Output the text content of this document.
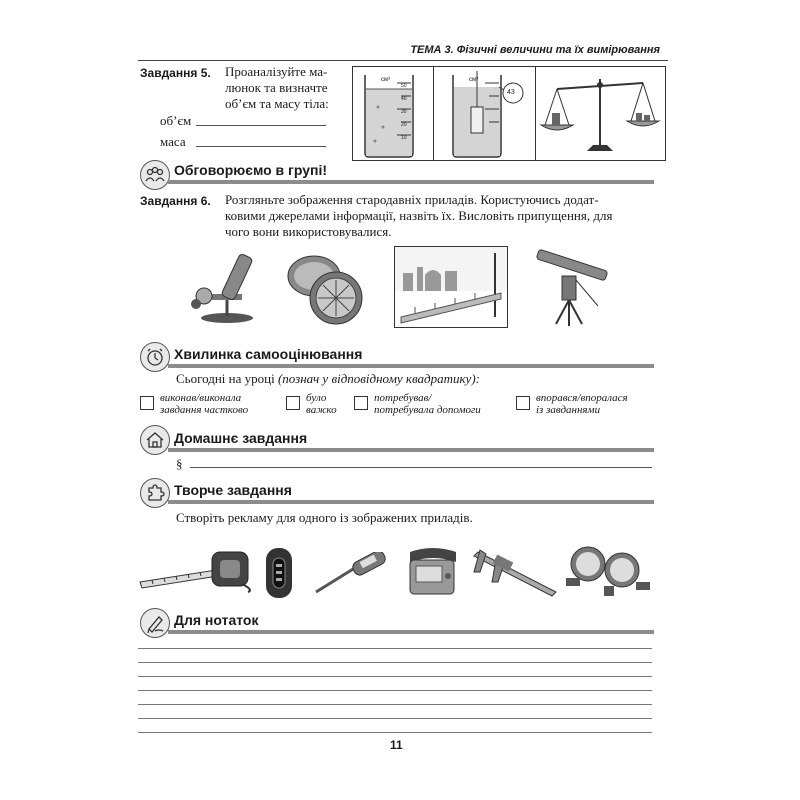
ТЕМА 3. Фізичні величини та їх вимірювання
Завдання 5. Проаналізуйте ма-
люнок та визначте
об’єм та масу тіла:
об’єм
маса
см³
50
40
30
20
10
см³
43
Обговорюємо в групі!
Завдання 6. Розгляньте зображення стародавніх приладів. Користуючись додат-
ковими джерелами інформації, назвіть їх. Висловіть припущення, для
чого вони використовувалися.
Хвилинка самооцінювання
Сьогодні на уроці (познач у відповідному квадратику):
виконав/виконала
завдання частково
було
важко
потребував/
потребувала допомоги
впорався/впоралася
із завданнями
Домашнє завдання
§
Творче завдання
Створіть рекламу для одного із зображених приладів.
Для нотаток
11
